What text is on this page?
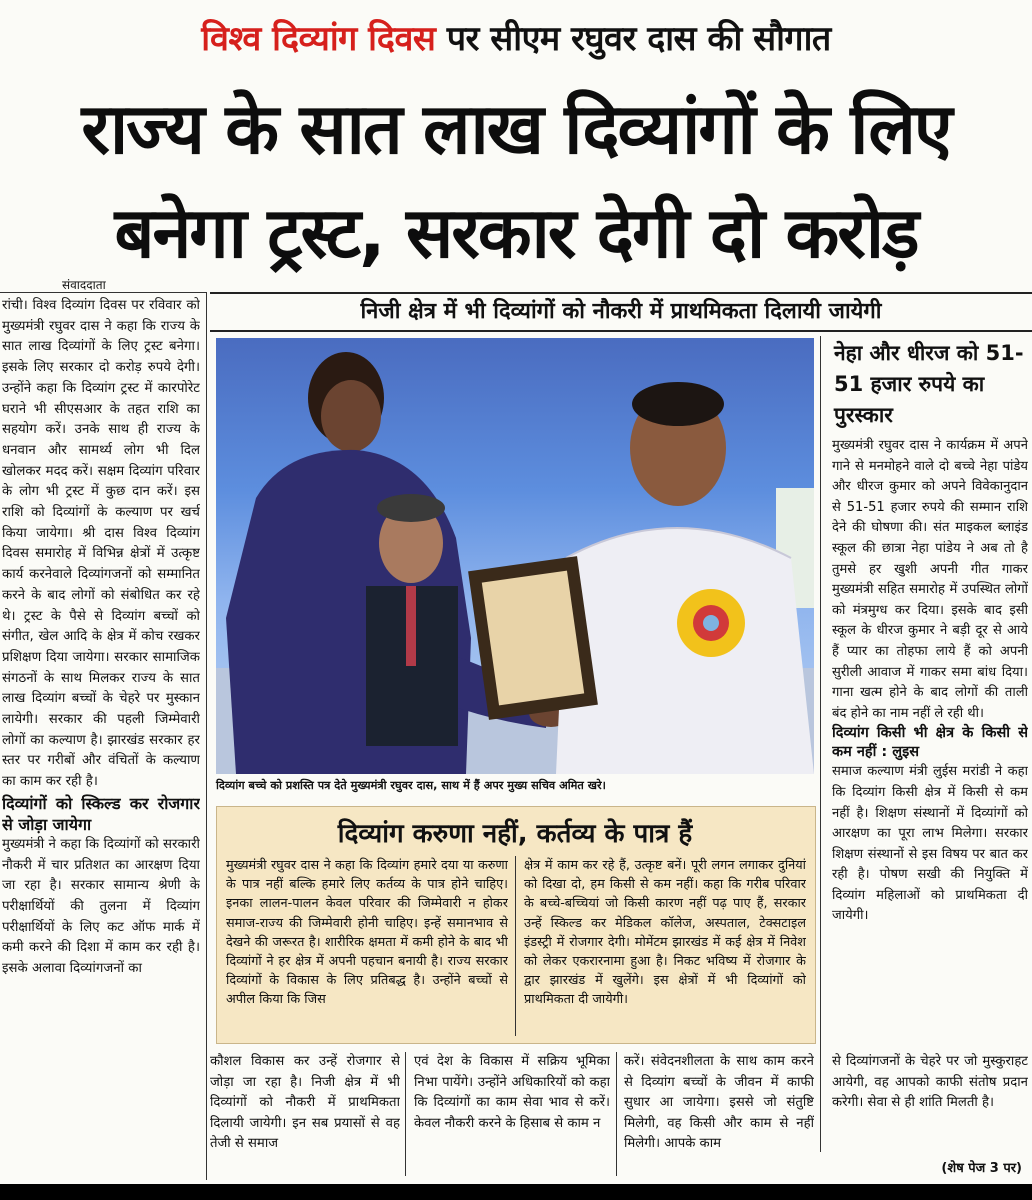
विश्व दिव्यांग दिवस पर सीएम रघुवर दास की सौगात
राज्य के सात लाख दिव्यांगों के लिए
बनेगा ट्रस्ट, सरकार देगी दो करोड़
संवाददाता

रांची। विश्व दिव्यांग दिवस पर रविवार को मुख्यमंत्री रघुवर दास ने कहा कि राज्य के सात लाख दिव्यांगों के लिए ट्रस्ट बनेगा। इसके लिए सरकार दो करोड़ रुपये देगी। उन्होंने कहा कि दिव्यांग ट्रस्ट में कारपोरेट घराने भी सीएसआर के तहत राशि का सहयोग करें। उनके साथ ही राज्य के धनवान और सामर्थ्य लोग भी दिल खोलकर मदद करें। सक्षम दिव्यांग परिवार के लोग भी ट्रस्ट में कुछ दान करें। इस राशि को दिव्यांगों के कल्याण पर खर्च किया जायेगा। श्री दास विश्व दिव्यांग दिवस समारोह में विभिन्न क्षेत्रों में उत्कृष्ट कार्य करनेवाले दिव्यांगजनों को सम्मानित करने के बाद लोगों को संबोधित कर रहे थे। ट्रस्ट के पैसे से दिव्यांग बच्चों को संगीत, खेल आदि के क्षेत्र में कोच रखकर प्रशिक्षण दिया जायेगा। सरकार सामाजिक संगठनों के साथ मिलकर राज्य के सात लाख दिव्यांग बच्चों के चेहरे पर मुस्कान लायेगी। सरकार की पहली जिम्मेवारी लोगों का कल्याण है। झारखंड सरकार हर स्तर पर गरीबों और वंचितों के कल्याण का काम कर रही है।

दिव्यांगों को स्किल्ड कर रोजगार से जोड़ा जायेगा

मुख्यमंत्री ने कहा कि दिव्यांगों को सरकारी नौकरी में चार प्रतिशत का आरक्षण दिया जा रहा है। सरकार सामान्य श्रेणी के परीक्षार्थियों की तुलना में दिव्यांग परीक्षार्थियों के लिए कट ऑफ मार्क में कमी करने की दिशा में काम कर रही है। इसके अलावा दिव्यांगजनों का

निजी क्षेत्र में भी दिव्यांगों को नौकरी में प्राथमिकता दिलायी जायेगी
दिव्यांग बच्चे को प्रशस्ति पत्र देते मुख्यमंत्री रघुवर दास, साथ में हैं अपर मुख्य सचिव अमित खरे।
नेहा और धीरज को 51-51 हजार रुपये का पुरस्कार

मुख्यमंत्री रघुवर दास ने कार्यक्रम में अपने गाने से मनमोहने वाले दो बच्चे नेहा पांडेय और धीरज कुमार को अपने विवेकानुदान से 51-51 हजार रुपये की सम्मान राशि देने की घोषणा की। संत माइकल ब्लाइंड स्कूल की छात्रा नेहा पांडेय ने अब तो है तुमसे हर खुशी अपनी गीत गाकर मुख्यमंत्री सहित समारोह में उपस्थित लोगों को मंत्रमुग्ध कर दिया। इसके बाद इसी स्कूल के धीरज कुमार ने बड़ी दूर से आये हैं प्यार का तोहफा लाये हैं को अपनी सुरीली आवाज में गाकर समा बांध दिया। गाना खत्म होने के बाद लोगों की ताली बंद होने का नाम नहीं ले रही थी।

दिव्यांग किसी भी क्षेत्र के किसी से कम नहीं : लुइस

समाज कल्याण मंत्री लुईस मरांडी ने कहा कि दिव्यांग किसी क्षेत्र में किसी से कम नहीं है। शिक्षण संस्थानों में दिव्यांगों को आरक्षण का पूरा लाभ मिलेगा। सरकार शिक्षण संस्थानों से इस विषय पर बात कर रही है। पोषण सखी की नियुक्ति में दिव्यांग महिलाओं को प्राथमिकता दी जायेगी।

दिव्यांग करुणा नहीं, कर्तव्य के पात्र हैं
मुख्यमंत्री रघुवर दास ने कहा कि दिव्यांग हमारे दया या करुणा के पात्र नहीं बल्कि हमारे लिए कर्तव्य के पात्र होने चाहिए। इनका लालन-पालन केवल परिवार की जिम्मेवारी न होकर समाज-राज्य की जिम्मेवारी होनी चाहिए। इन्हें समानभाव से देखने की जरूरत है। शारीरिक क्षमता में कमी होने के बाद भी दिव्यांगों ने हर क्षेत्र में अपनी पहचान बनायी है। राज्य सरकार दिव्यांगों के विकास के लिए प्रतिबद्ध है। उन्होंने बच्चों से अपील किया कि जिस
क्षेत्र में काम कर रहे हैं, उत्कृष्ट बनें। पूरी लगन लगाकर दुनियां को दिखा दो, हम किसी से कम नहीं। कहा कि गरीब परिवार के बच्चे-बच्चियां जो किसी कारण नहीं पढ़ पाए हैं, सरकार उन्हें स्किल्ड कर मेडिकल कॉलेज, अस्पताल, टेक्सटाइल इंडस्ट्री में रोजगार देगी। मोमेंटम झारखंड में कई क्षेत्र में निवेश को लेकर एकरारनामा हुआ है। निकट भविष्य में रोजगार के द्वार झारखंड में खुलेंगे। इस क्षेत्रों में भी दिव्यांगों को प्राथमिकता दी जायेगी।
कौशल विकास कर उन्हें रोजगार से जोड़ा जा रहा है। निजी क्षेत्र में भी दिव्यांगों को नौकरी में प्राथमिकता दिलायी जायेगी। इन सब प्रयासों से वह तेजी से समाज
एवं देश के विकास में सक्रिय भूमिका निभा पायेंगे। उन्होंने अधिकारियों को कहा कि दिव्यांगों का काम सेवा भाव से करें। केवल नौकरी करने के हिसाब से काम न
करें। संवेदनशीलता के साथ काम करने से दिव्यांग बच्चों के जीवन में काफी सुधार आ जायेगा। इससे जो संतुष्टि मिलेगी, वह किसी और काम से नहीं मिलेगी। आपके काम
से दिव्यांगजनों के चेहरे पर जो मुस्कुराहट आयेगी, वह आपको काफी संतोष प्रदान करेगी। सेवा से ही शांति मिलती है।
(शेष पेज 3 पर)
